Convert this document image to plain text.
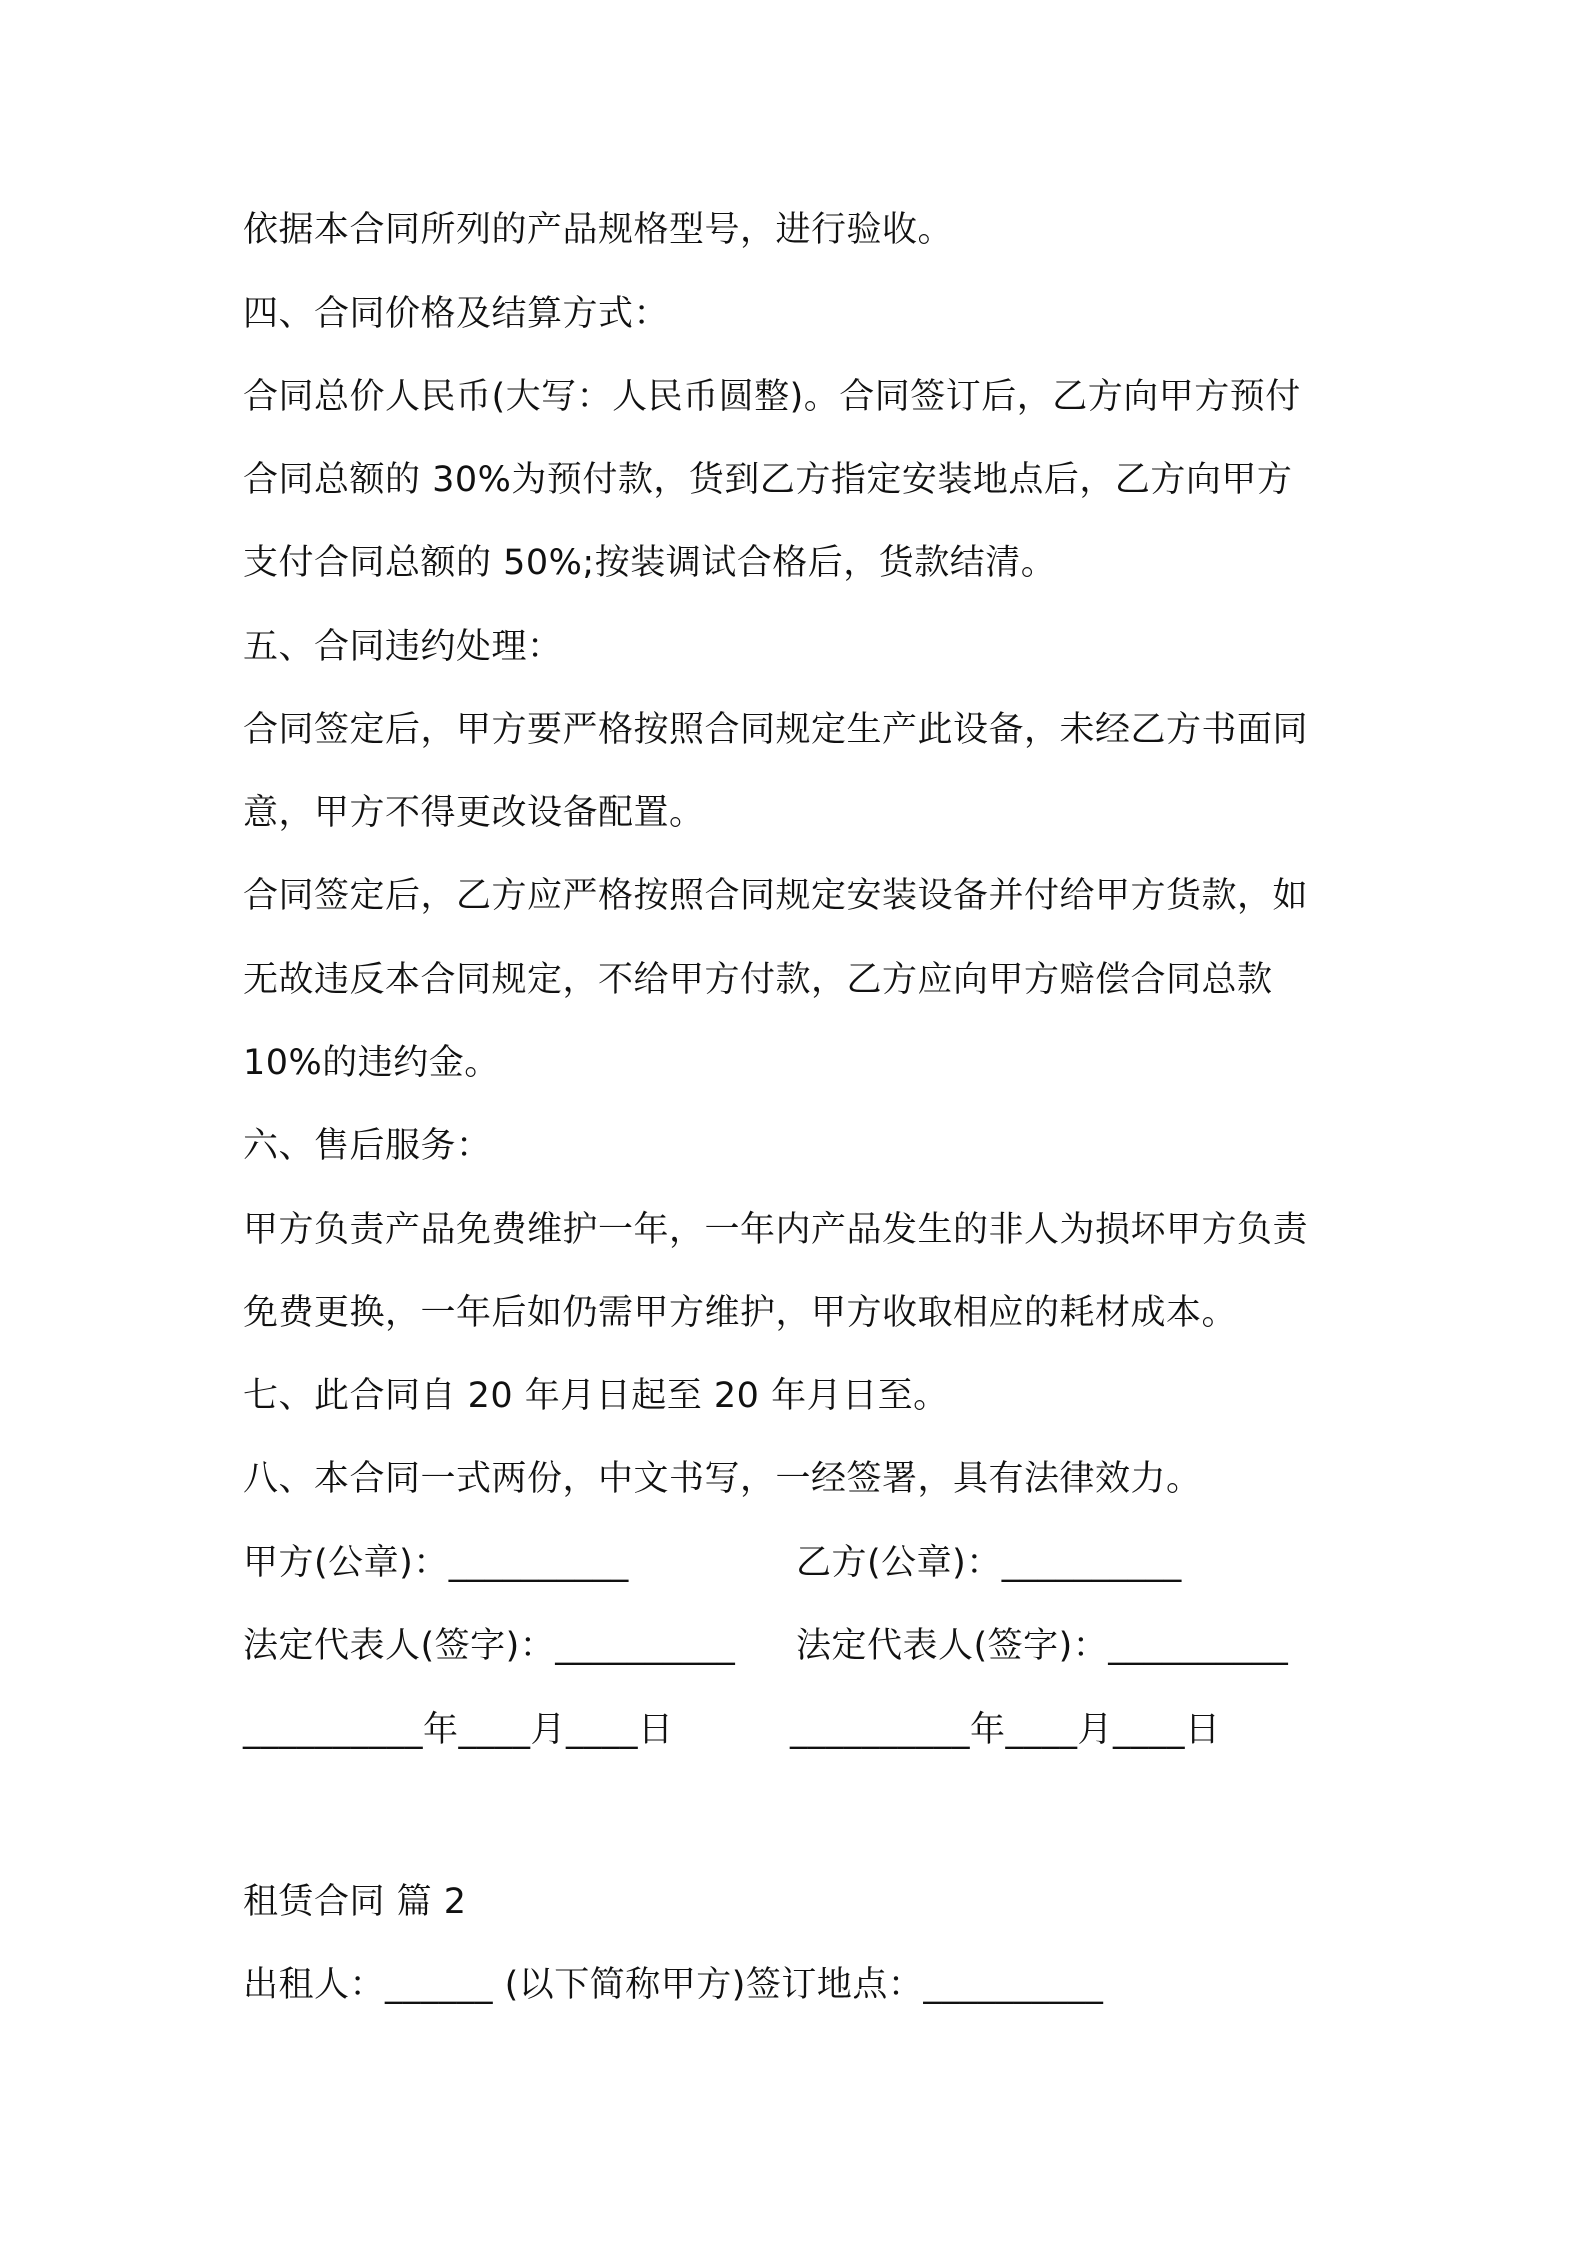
依据本合同所列的产品规格型号，进行验收。
四、合同价格及结算方式：
合同总价人民币(大写：人民币圆整)。合同签订后，乙方向甲方预付
合同总额的 30%为预付款，货到乙方指定安装地点后，乙方向甲方
支付合同总额的 50%;按装调试合格后，货款结清。
五、合同违约处理：
合同签定后，甲方要严格按照合同规定生产此设备，未经乙方书面同
意，甲方不得更改设备配置。
合同签定后，乙方应严格按照合同规定安装设备并付给甲方货款，如
无故违反本合同规定，不给甲方付款，乙方应向甲方赔偿合同总款
10%的违约金。
六、售后服务：
甲方负责产品免费维护一年，一年内产品发生的非人为损坏甲方负责
免费更换，一年后如仍需甲方维护，甲方收取相应的耗材成本。
七、此合同自 20 年月日起至 20 年月日至。
八、本合同一式两份，中文书写，一经签署，具有法律效力。
甲方(公章)：__________	乙方(公章)：__________
法定代表人(签字)：__________ 法定代表人(签字)：__________
__________年____月____日	__________年____月____日
租赁合同 篇 2
出租人：______ (以下简称甲方)签订地点：__________
